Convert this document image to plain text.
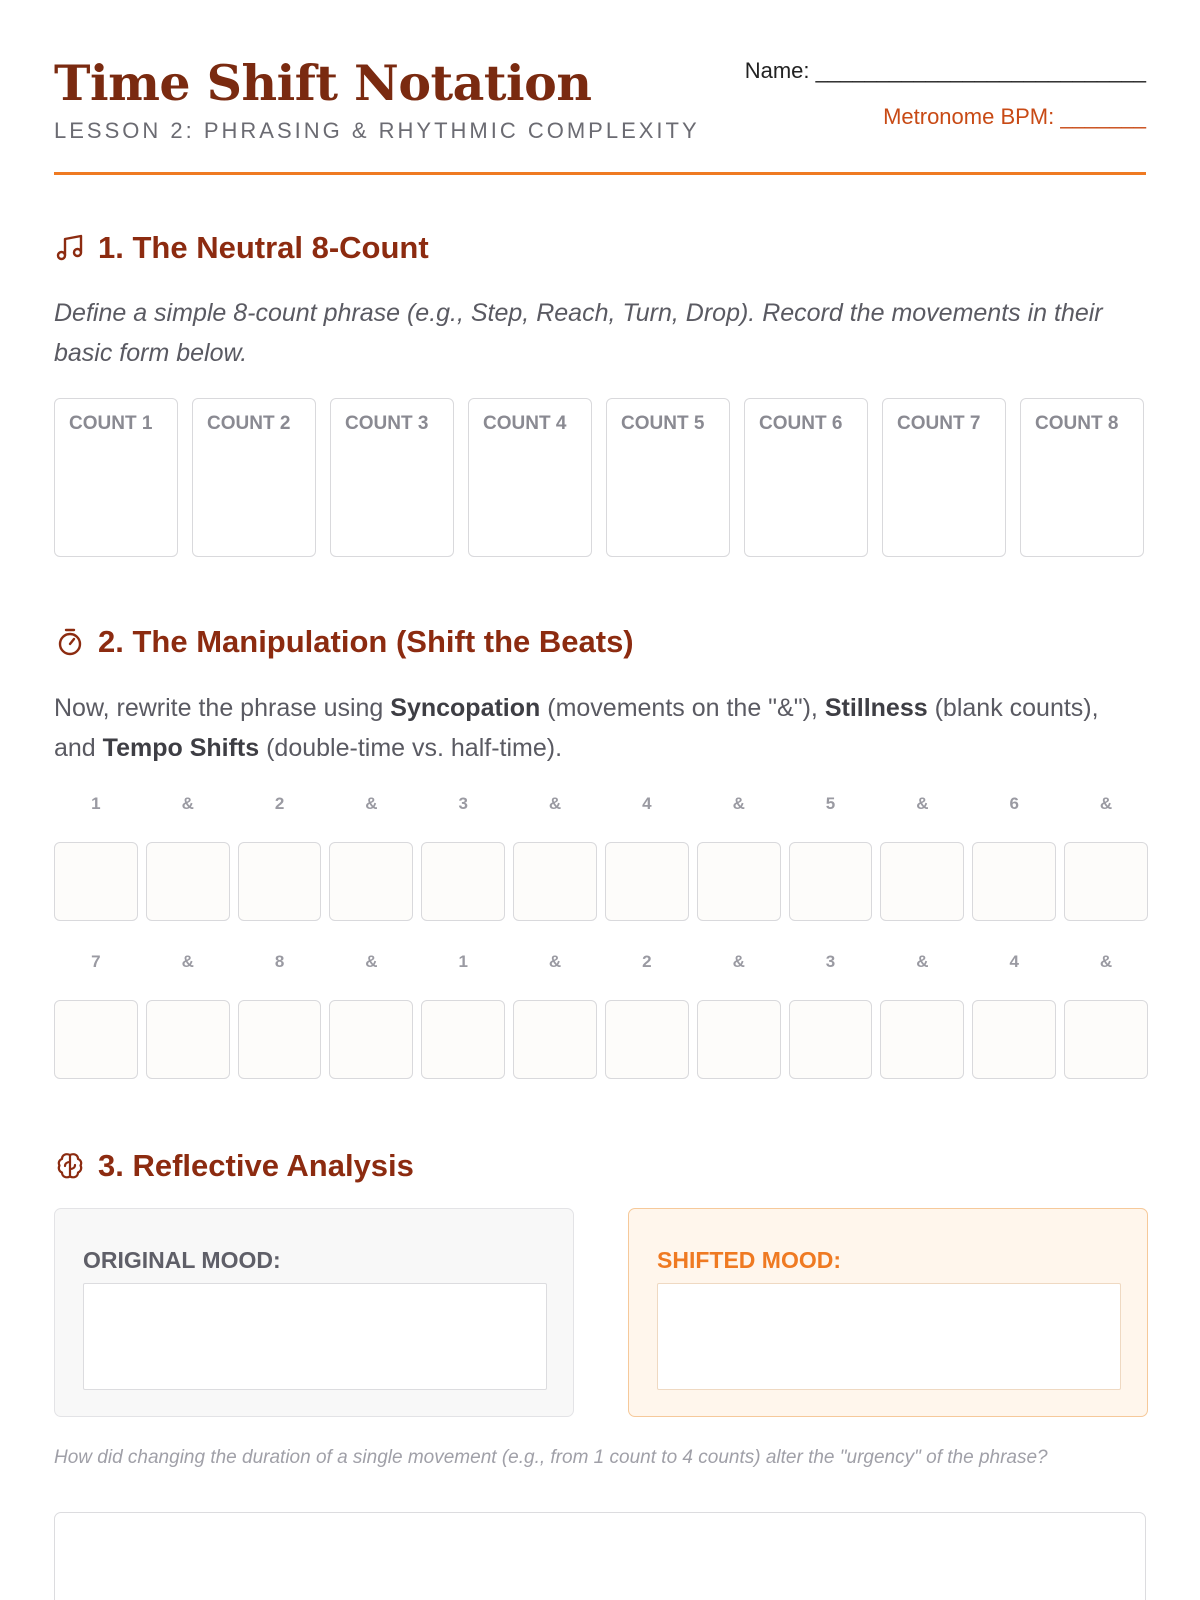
Time Shift Notation
LESSON 2: PHRASING & RHYTHMIC COMPLEXITY
Name: ___________________________
Metronome BPM: _______
1. The Neutral 8-Count
Define a simple 8-count phrase (e.g., Step, Reach, Turn, Drop). Record the movements in their basic form below.
COUNT 1	COUNT 2	COUNT 3	COUNT 4	COUNT 5	COUNT 6	COUNT 7	COUNT 8
2. The Manipulation (Shift the Beats)
Now, rewrite the phrase using Syncopation (movements on the "&"), Stillness (blank counts), and Tempo Shifts (double-time vs. half-time).
1	&	2	&	3	&	4	&	5	&	6	&
7	&	8	&	1	&	2	&	3	&	4	&
3. Reflective Analysis
ORIGINAL MOOD:	SHIFTED MOOD:
How did changing the duration of a single movement (e.g., from 1 count to 4 counts) alter the "urgency" of the phrase?
